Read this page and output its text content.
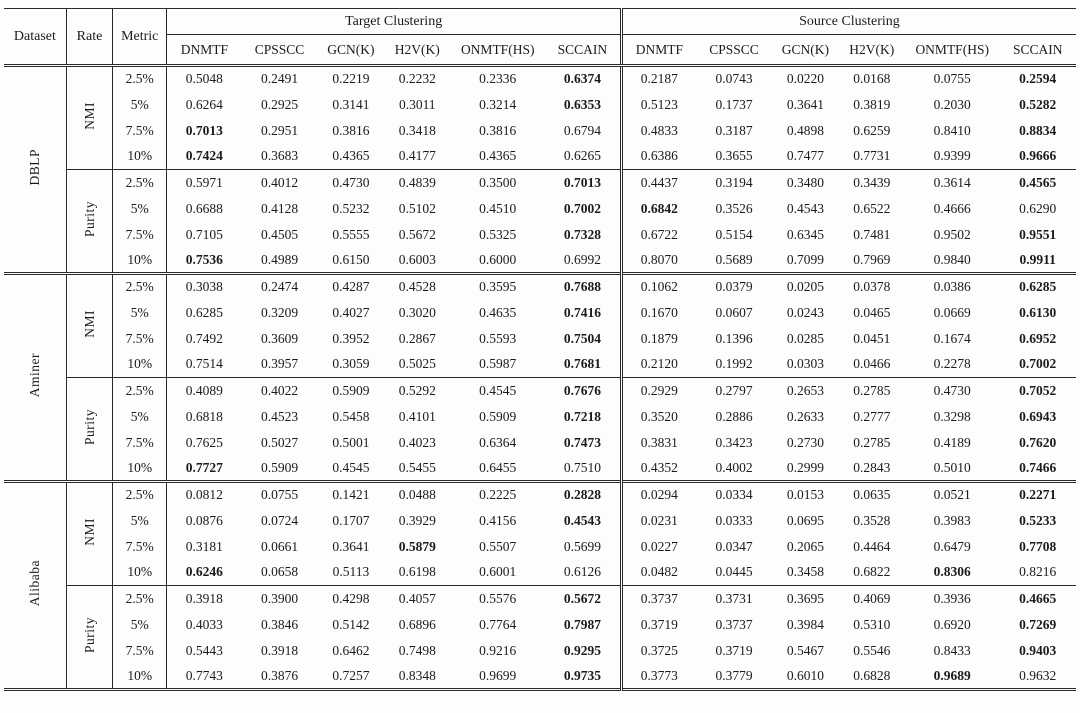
Dataset	Rate	Metric	Target Clustering						Source Clustering					
			DNMTF	CPSSCC	GCN(K)	H2V(K)	ONMTF(HS)	SCCAIN	DNMTF	CPSSCC	GCN(K)	H2V(K)	ONMTF(HS)	SCCAIN
DBLP	NMI	2.5%	0.5048	0.2491	0.2219	0.2232	0.2336	0.6374	0.2187	0.0743	0.0220	0.0168	0.0755	0.2594
		5%	0.6264	0.2925	0.3141	0.3011	0.3214	0.6353	0.5123	0.1737	0.3641	0.3819	0.2030	0.5282
		7.5%	0.7013	0.2951	0.3816	0.3418	0.3816	0.6794	0.4833	0.3187	0.4898	0.6259	0.8410	0.8834
		10%	0.7424	0.3683	0.4365	0.4177	0.4365	0.6265	0.6386	0.3655	0.7477	0.7731	0.9399	0.9666
	Purity	2.5%	0.5971	0.4012	0.4730	0.4839	0.3500	0.7013	0.4437	0.3194	0.3480	0.3439	0.3614	0.4565
		5%	0.6688	0.4128	0.5232	0.5102	0.4510	0.7002	0.6842	0.3526	0.4543	0.6522	0.4666	0.6290
		7.5%	0.7105	0.4505	0.5555	0.5672	0.5325	0.7328	0.6722	0.5154	0.6345	0.7481	0.9502	0.9551
		10%	0.7536	0.4989	0.6150	0.6003	0.6000	0.6992	0.8070	0.5689	0.7099	0.7969	0.9840	0.9911
Aminer	NMI	2.5%	0.3038	0.2474	0.4287	0.4528	0.3595	0.7688	0.1062	0.0379	0.0205	0.0378	0.0386	0.6285
		5%	0.6285	0.3209	0.4027	0.3020	0.4635	0.7416	0.1670	0.0607	0.0243	0.0465	0.0669	0.6130
		7.5%	0.7492	0.3609	0.3952	0.2867	0.5593	0.7504	0.1879	0.1396	0.0285	0.0451	0.1674	0.6952
		10%	0.7514	0.3957	0.3059	0.5025	0.5987	0.7681	0.2120	0.1992	0.0303	0.0466	0.2278	0.7002
	Purity	2.5%	0.4089	0.4022	0.5909	0.5292	0.4545	0.7676	0.2929	0.2797	0.2653	0.2785	0.4730	0.7052
		5%	0.6818	0.4523	0.5458	0.4101	0.5909	0.7218	0.3520	0.2886	0.2633	0.2777	0.3298	0.6943
		7.5%	0.7625	0.5027	0.5001	0.4023	0.6364	0.7473	0.3831	0.3423	0.2730	0.2785	0.4189	0.7620
		10%	0.7727	0.5909	0.4545	0.5455	0.6455	0.7510	0.4352	0.4002	0.2999	0.2843	0.5010	0.7466
Alibaba	NMI	2.5%	0.0812	0.0755	0.1421	0.0488	0.2225	0.2828	0.0294	0.0334	0.0153	0.0635	0.0521	0.2271
		5%	0.0876	0.0724	0.1707	0.3929	0.4156	0.4543	0.0231	0.0333	0.0695	0.3528	0.3983	0.5233
		7.5%	0.3181	0.0661	0.3641	0.5879	0.5507	0.5699	0.0227	0.0347	0.2065	0.4464	0.6479	0.7708
		10%	0.6246	0.0658	0.5113	0.6198	0.6001	0.6126	0.0482	0.0445	0.3458	0.6822	0.8306	0.8216
	Purity	2.5%	0.3918	0.3900	0.4298	0.4057	0.5576	0.5672	0.3737	0.3731	0.3695	0.4069	0.3936	0.4665
		5%	0.4033	0.3846	0.5142	0.6896	0.7764	0.7987	0.3719	0.3737	0.3984	0.5310	0.6920	0.7269
		7.5%	0.5443	0.3918	0.6462	0.7498	0.9216	0.9295	0.3725	0.3719	0.5467	0.5546	0.8433	0.9403
		10%	0.7743	0.3876	0.7257	0.8348	0.9699	0.9735	0.3773	0.3779	0.6010	0.6828	0.9689	0.9632
